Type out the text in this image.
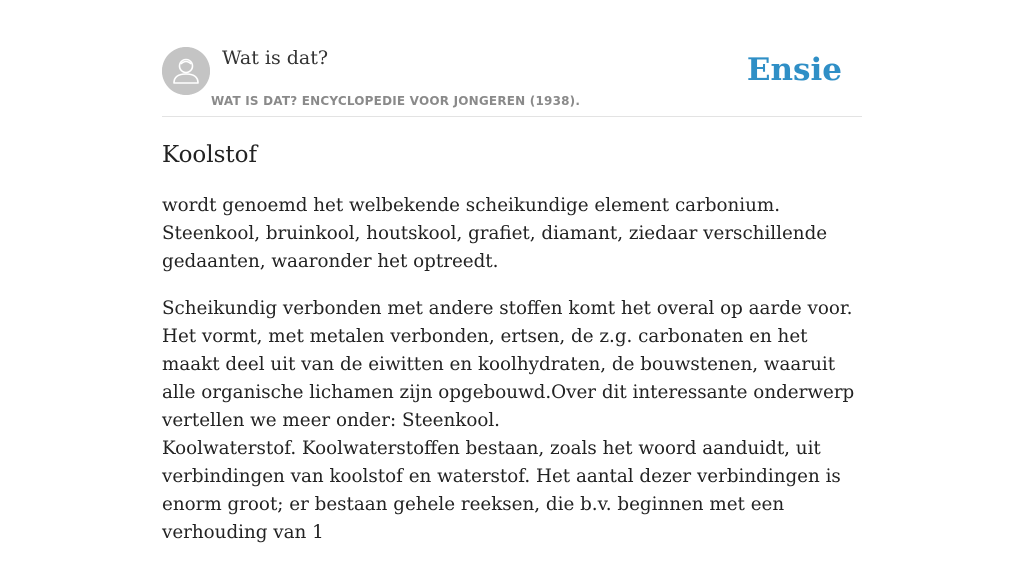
Wat is dat?
WAT IS DAT? ENCYCLOPEDIE VOOR JONGEREN (1938).
Ensie
Koolstof

wordt genoemd het welbekende scheikundige element carbonium. Steenkool, bruinkool, houtskool, grafiet, diamant, ziedaar verschillende gedaanten, waaronder het optreedt.

Scheikundig verbonden met andere stoffen komt het overal op aarde voor. Het vormt, met metalen verbonden, ertsen, de z.g. carbonaten en het maakt deel uit van de eiwitten en koolhydraten, de bouwstenen, waaruit alle organische lichamen zijn opgebouwd.Over dit interessante onderwerp vertellen we meer onder: Steenkool.

Koolwaterstof. Koolwaterstoffen bestaan, zoals het woord aanduidt, uit verbindingen van koolstof en waterstof. Het aantal dezer verbindingen is enorm groot; er bestaan gehele reeksen, die b.v. beginnen met een verhouding van 1
